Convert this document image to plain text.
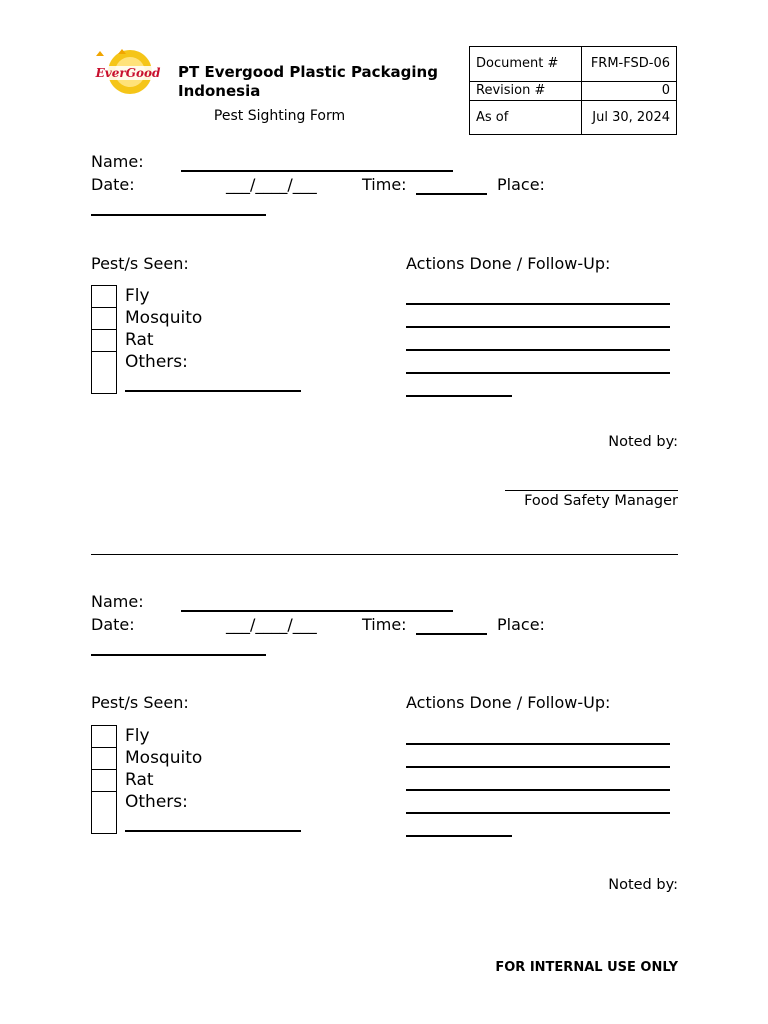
EverGood PT Evergood Plastic Packaging Indonesia
Pest Sighting Form
Document #	FRM-FSD-06
Revision #	0
As of	Jul 30, 2024
Name:
Date:	___/____/___	Time:	Place:
Pest/s Seen:	Actions Done / Follow-Up:
Fly
Mosquito
Rat
Others:
Noted by:
Food Safety Manager
Name:
Date:	___/____/___	Time:	Place:
Pest/s Seen:	Actions Done / Follow-Up:
Fly
Mosquito
Rat
Others:
Noted by:
FOR INTERNAL USE ONLY
